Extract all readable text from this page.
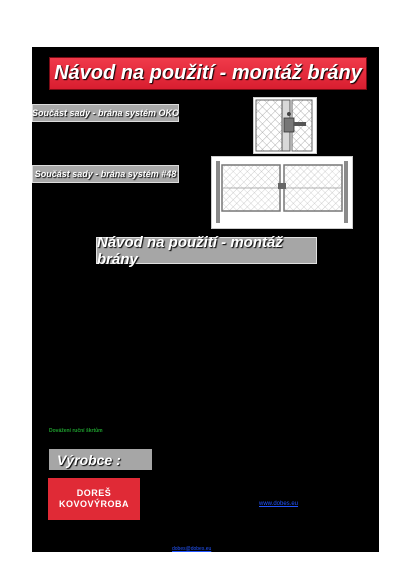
Návod na použití - montáž brány
Součást sady - brána systém OKO
Součást sady - brána systém #48
Návod na použití - montáž brány
Dovážení ruční škrtům
Výrobce :
DOREŠ
KOVOVÝROBA	www.dobes.eu
dobes@dobes.eu
